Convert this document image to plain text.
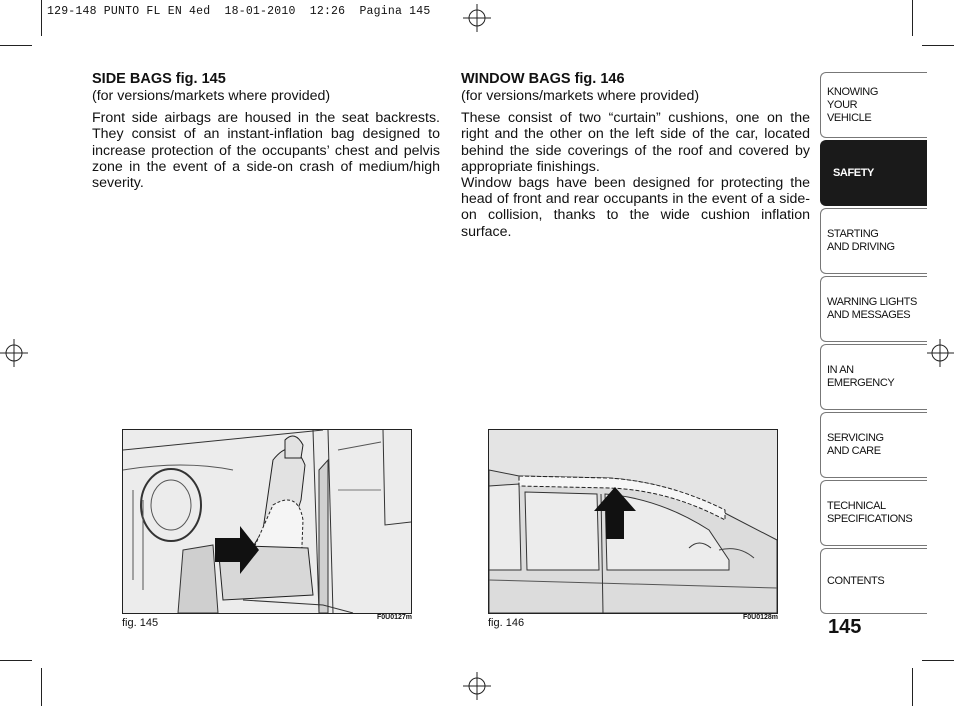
129-148 PUNTO FL EN 4ed  18-01-2010  12:26  Pagina 145
SIDE BAGS fig. 145
(for versions/markets where provided)

Front side airbags are housed in the seat backrests. They consist of an instant-inflation bag designed to increase protection of the occupants’ chest and pelvis zone in the event of a side-on crash of medium/high severity.

WINDOW BAGS fig. 146
(for versions/markets where provided)

These consist of two “curtain” cushions, one on the right and the other on the left side of the car, located behind the side coverings of the roof and covered by appropriate finishings.

Window bags have been designed for protecting the head of front and rear occupants in the event of a side-on collision, thanks to the wide cushion inflation surface.

fig. 145	F0U0127m	fig. 146	F0U0128m
KNOWING
YOUR
VEHICLE
SAFETY
STARTING
AND DRIVING
WARNING LIGHTS
AND MESSAGES
IN AN
EMERGENCY
SERVICING
AND CARE
TECHNICAL
SPECIFICATIONS
CONTENTS
145
